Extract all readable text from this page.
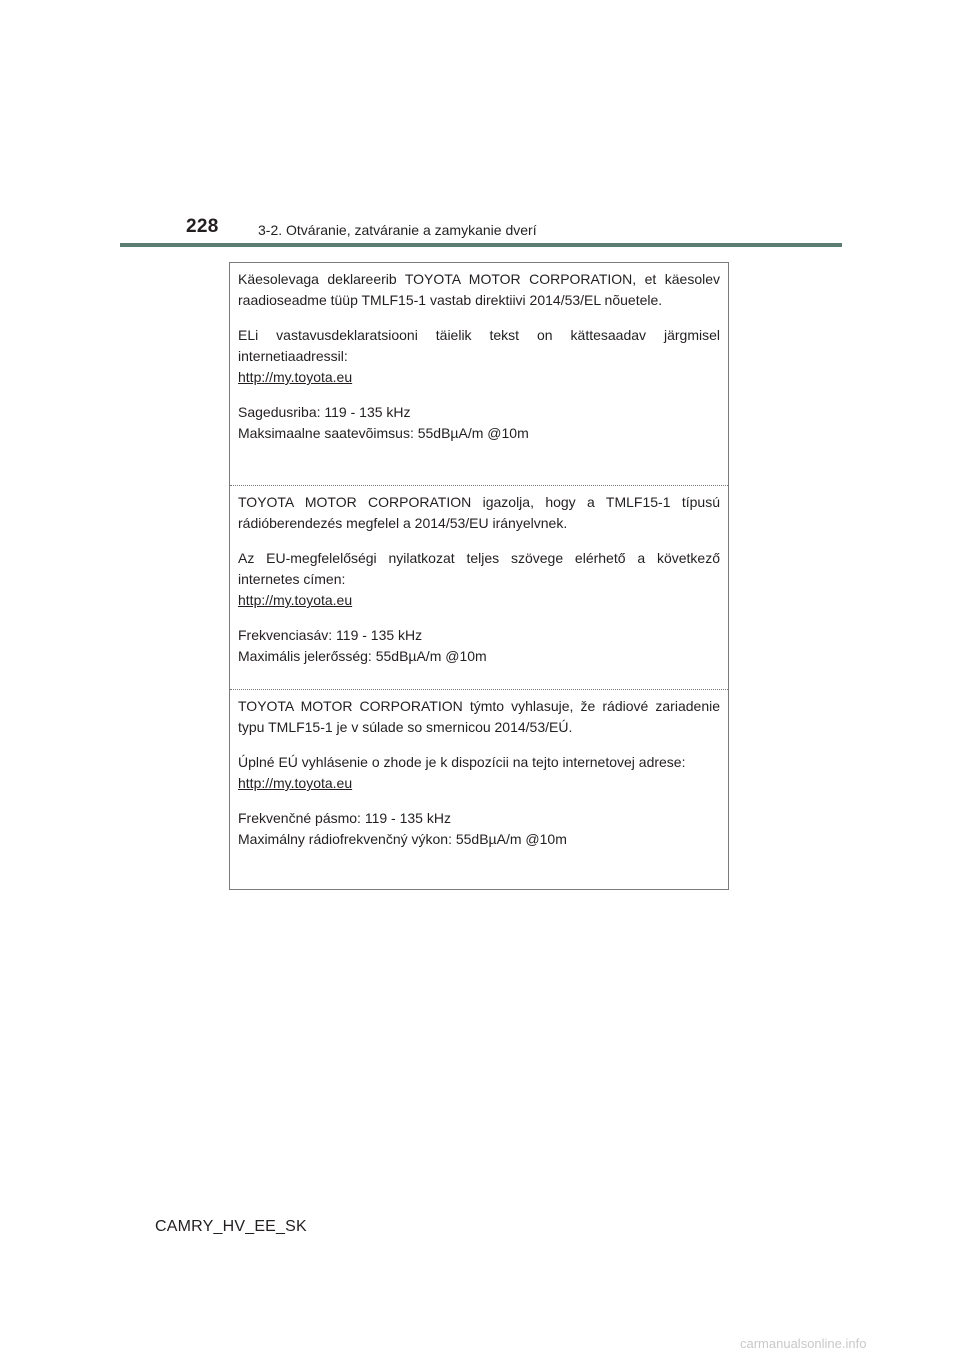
228	3-2. Otváranie, zatváranie a zamykanie dverí

Käesolevaga deklareerib TOYOTA MOTOR CORPORATION, et käesolev raadioseadme tüüp TMLF15-1 vastab direktiivi 2014/53/EL nõuetele.

ELi vastavusdeklaratsiooni täielik tekst on kättesaadav järgmisel internetiaadressil:

http://my.toyota.eu

Sagedusriba: 119 - 135 kHz

Maksimaalne saatevõimsus: 55dBµA/m @10m

TOYOTA MOTOR CORPORATION igazolja, hogy a TMLF15-1 típusú rádióberendezés megfelel a 2014/53/EU irányelvnek.

Az EU-megfelelőségi nyilatkozat teljes szövege elérhető a következő internetes címen:

http://my.toyota.eu

Frekvenciasáv: 119 - 135 kHz

Maximális jelerősség: 55dBµA/m @10m

TOYOTA MOTOR CORPORATION týmto vyhlasuje, že rádiové zariadenie typu TMLF15-1 je v súlade so smernicou 2014/53/EÚ.

Úplné EÚ vyhlásenie o zhode je k dispozícii na tejto internetovej adrese:

http://my.toyota.eu

Frekvenčné pásmo: 119 - 135 kHz

Maximálny rádiofrekvenčný výkon: 55dBµA/m @10m

CAMRY_HV_EE_SK
carmanualsonline.info
